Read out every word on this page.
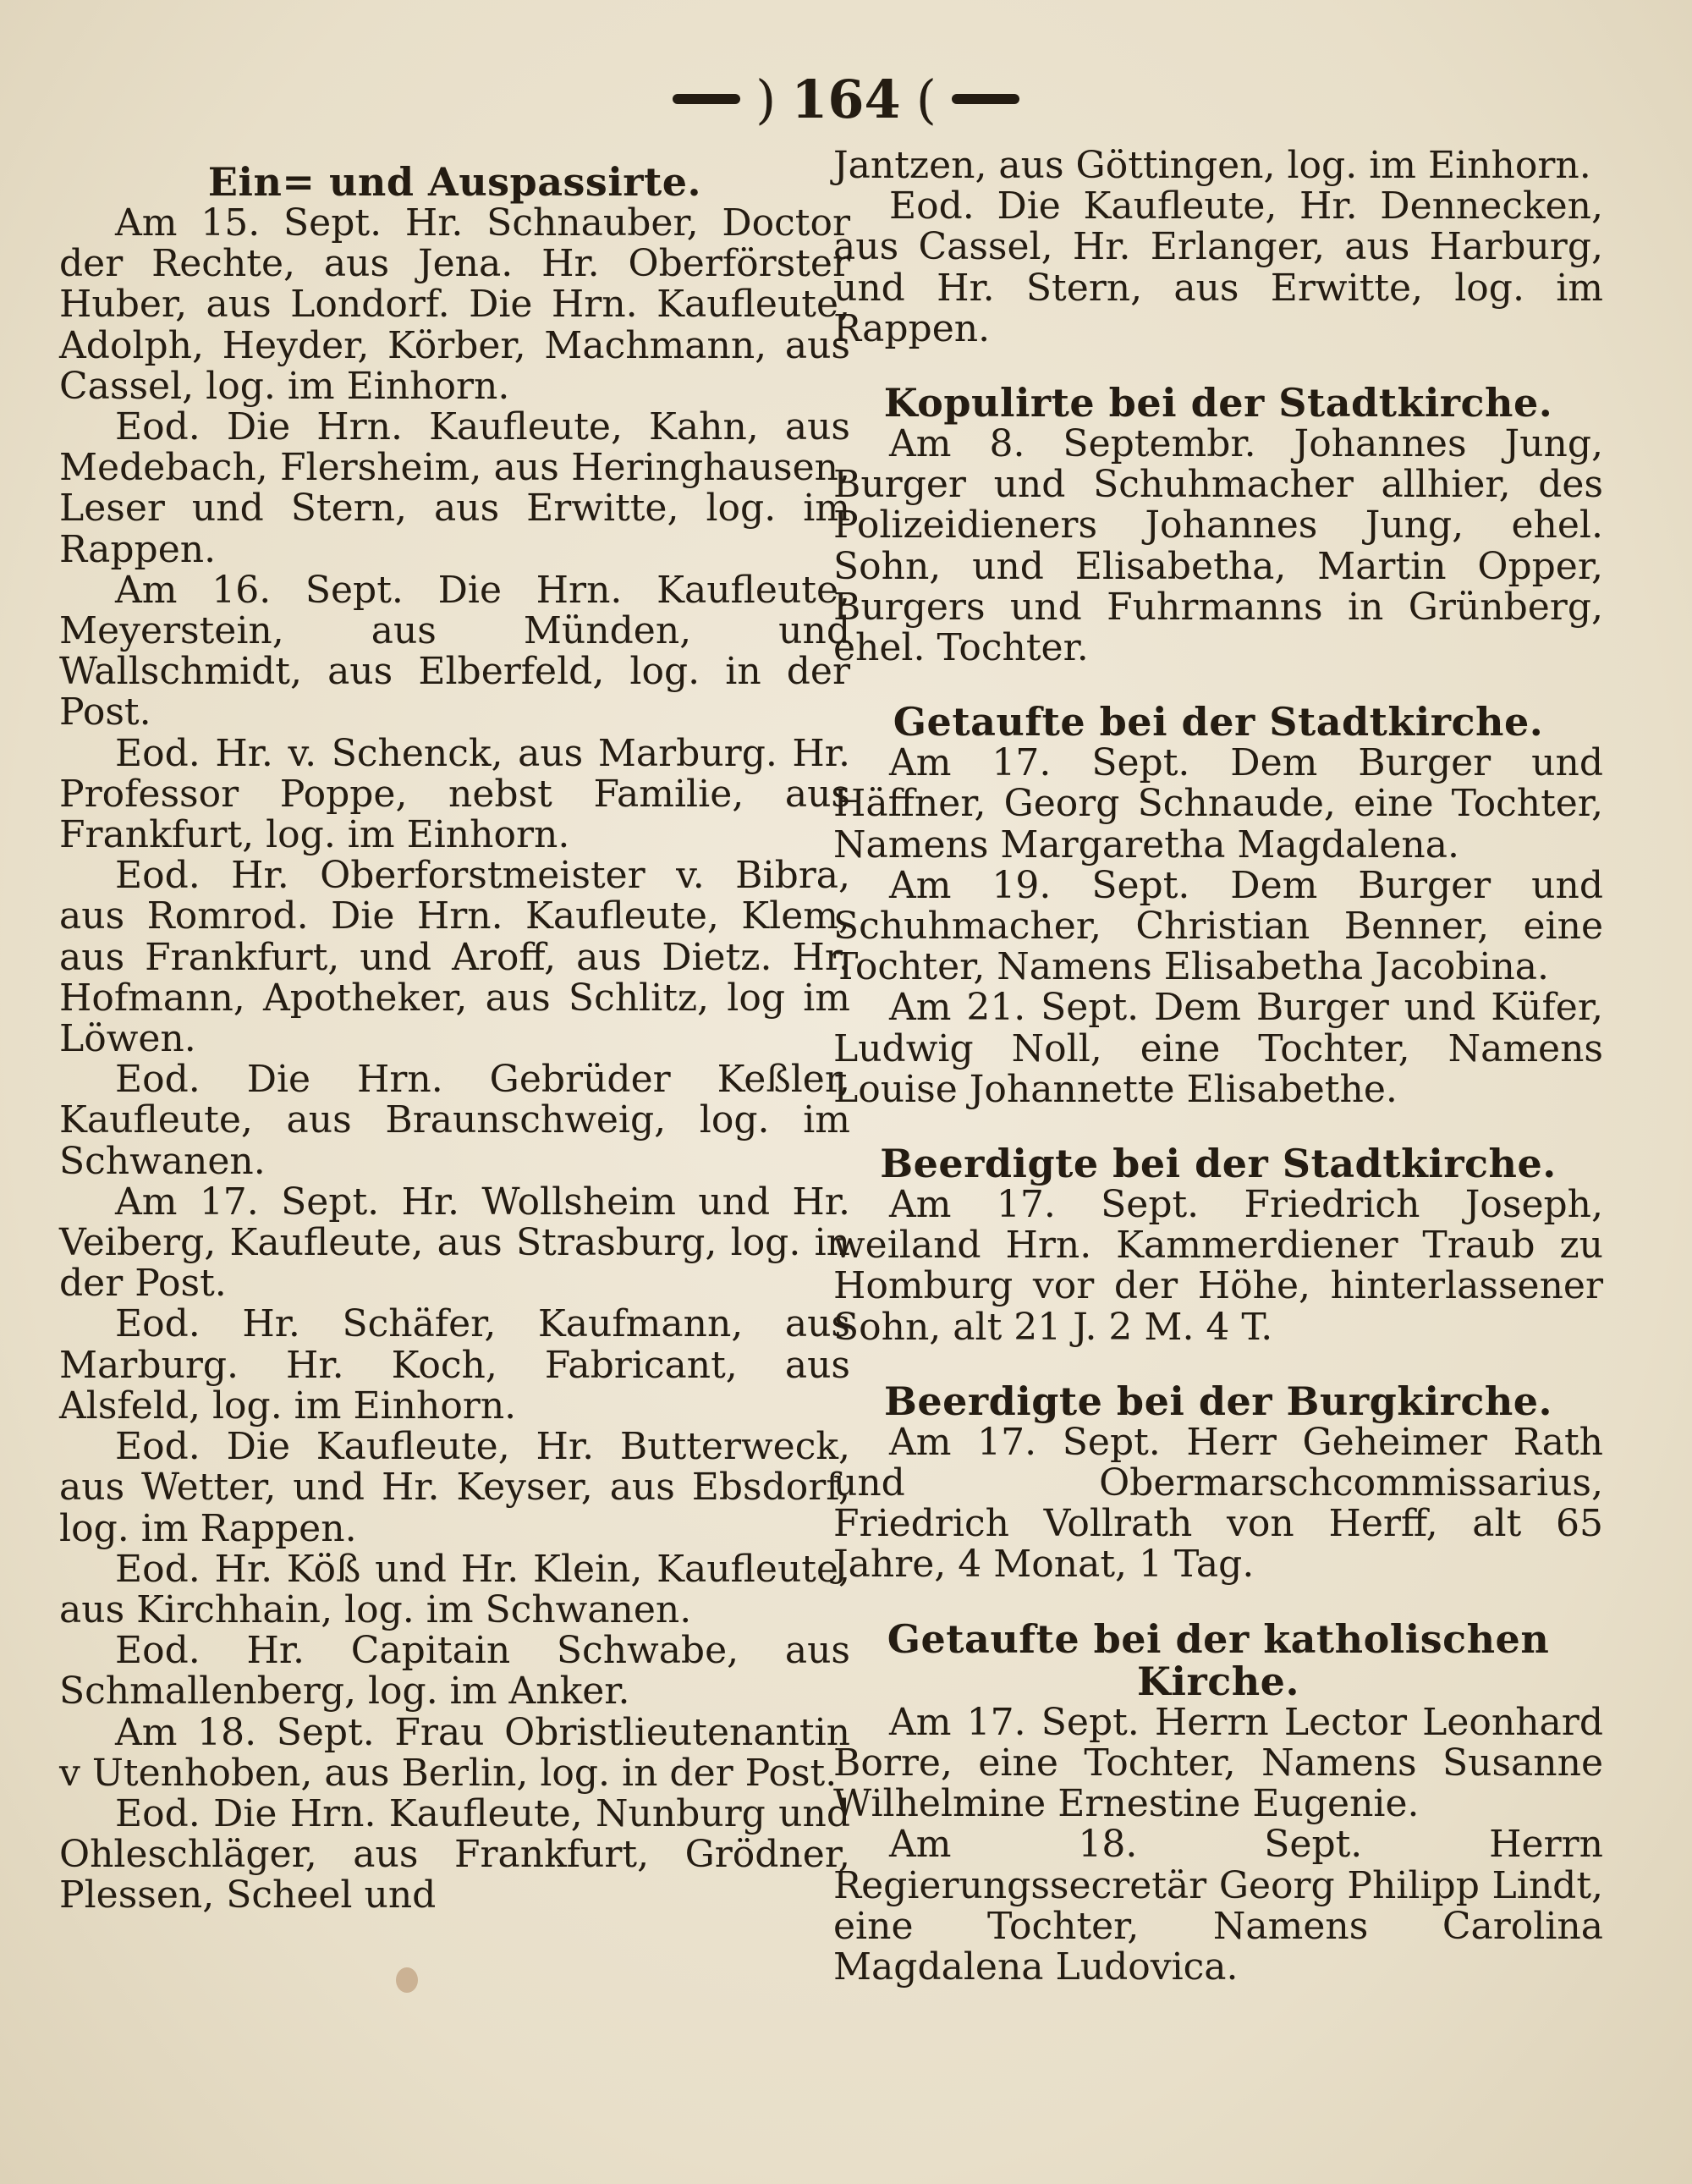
) 164 (
Ein= und Auspassirte.

Am 15. Sept. Hr. Schnauber, Doctor der Rechte, aus Jena. Hr. Oberförster Huber, aus Londorf. Die Hrn. Kaufleute, Adolph, Heyder, Körber, Machmann, aus Cassel, log. im Einhorn.

Eod. Die Hrn. Kaufleute, Kahn, aus Medebach, Flersheim, aus Heringhausen, Leser und Stern, aus Erwitte, log. im Rappen.

Am 16. Sept. Die Hrn. Kaufleute, Meyerstein, aus Münden, und Wallschmidt, aus Elberfeld, log. in der Post.

Eod. Hr. v. Schenck, aus Marburg. Hr. Professor Poppe, nebst Familie, aus Frankfurt, log. im Einhorn.

Eod. Hr. Oberforstmeister v. Bibra, aus Romrod. Die Hrn. Kaufleute, Klem, aus Frankfurt, und Aroff, aus Dietz. Hr. Hofmann, Apotheker, aus Schlitz, log im Löwen.

Eod. Die Hrn. Gebrüder Keßler, Kaufleute, aus Braunschweig, log. im Schwanen.

Am 17. Sept. Hr. Wollsheim und Hr. Veiberg, Kaufleute, aus Strasburg, log. in der Post.

Eod. Hr. Schäfer, Kaufmann, aus Marburg. Hr. Koch, Fabricant, aus Alsfeld, log. im Einhorn.

Eod. Die Kaufleute, Hr. Butterweck, aus Wetter, und Hr. Keyser, aus Ebsdorf, log. im Rappen.

Eod. Hr. Köß und Hr. Klein, Kaufleute, aus Kirchhain, log. im Schwanen.

Eod. Hr. Capitain Schwabe, aus Schmallenberg, log. im Anker.

Am 18. Sept. Frau Obristlieutenantin v Utenhoben, aus Berlin, log. in der Post.

Eod. Die Hrn. Kaufleute, Nunburg und Ohleschläger, aus Frankfurt, Grödner, Plessen, Scheel und

Jantzen, aus Göttingen, log. im Einhorn.

Eod. Die Kaufleute, Hr. Dennecken, aus Cassel, Hr. Erlanger, aus Harburg, und Hr. Stern, aus Erwitte, log. im Rappen.

Kopulirte bei der Stadtkirche.

Am 8. Septembr. Johannes Jung, Burger und Schuhmacher allhier, des Polizeidieners Johannes Jung, ehel. Sohn, und Elisabetha, Martin Opper, Burgers und Fuhrmanns in Grünberg, ehel. Tochter.

Getaufte bei der Stadtkirche.

Am 17. Sept. Dem Burger und Häffner, Georg Schnaude, eine Tochter, Namens Margaretha Magdalena.

Am 19. Sept. Dem Burger und Schuhmacher, Christian Benner, eine Tochter, Namens Elisabetha Jacobina.

Am 21. Sept. Dem Burger und Küfer, Ludwig Noll, eine Tochter, Namens Louise Johannette Elisabethe.

Beerdigte bei der Stadtkirche.

Am 17. Sept. Friedrich Joseph, weiland Hrn. Kammerdiener Traub zu Homburg vor der Höhe, hinterlassener Sohn, alt 21 J. 2 M. 4 T.

Beerdigte bei der Burgkirche.

Am 17. Sept. Herr Geheimer Rath und Obermarschcommissarius, Friedrich Vollrath von Herff, alt 65 Jahre, 4 Monat, 1 Tag.

Getaufte bei der katholischen Kirche.

Am 17. Sept. Herrn Lector Leonhard Borre, eine Tochter, Namens Susanne Wilhelmine Ernestine Eugenie.

Am 18. Sept. Herrn Regierungssecretär Georg Philipp Lindt, eine Tochter, Namens Carolina Magdalena Ludovica.
